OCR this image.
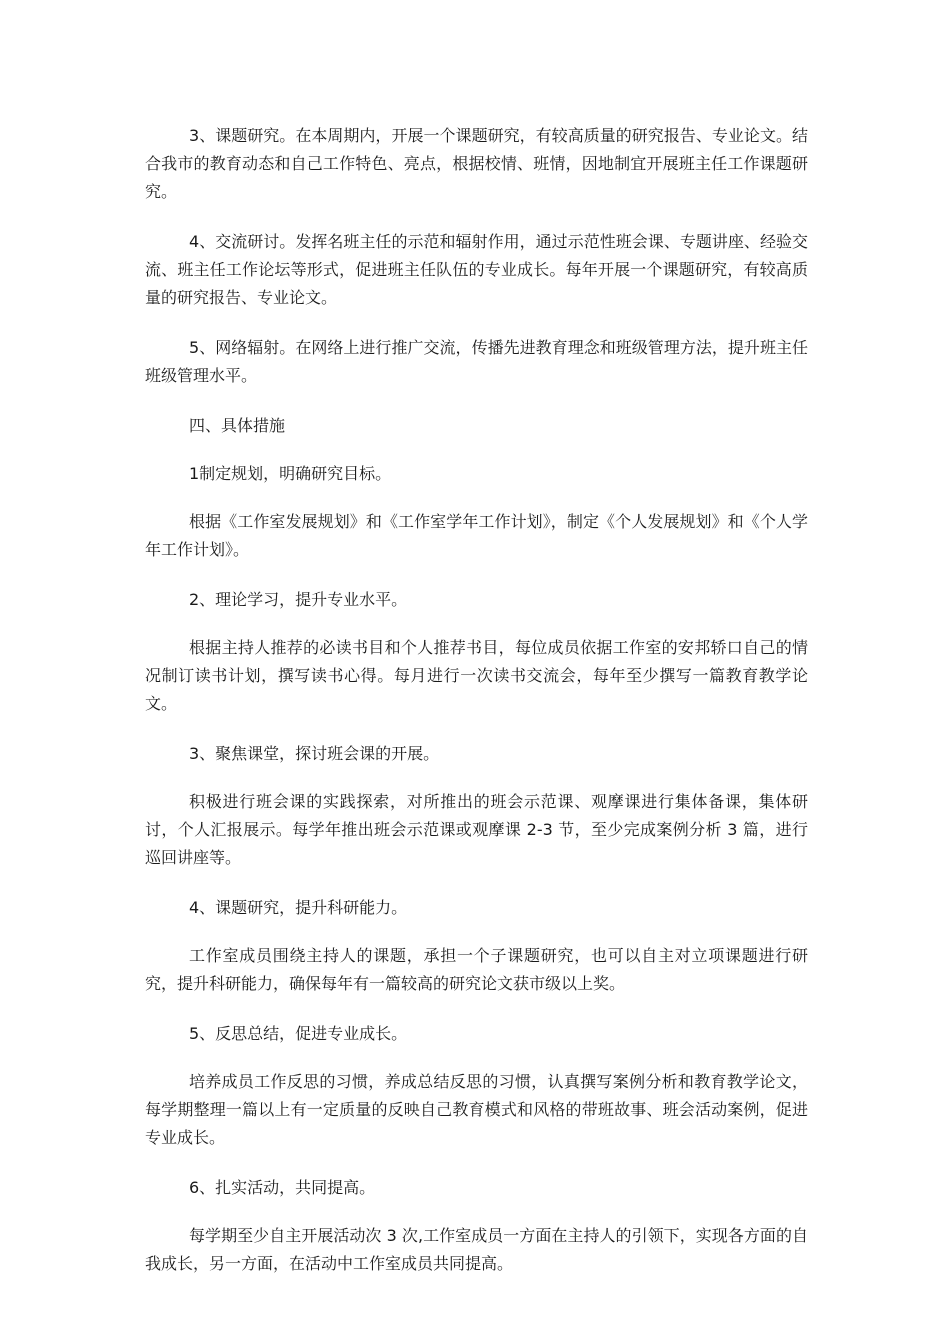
3、课题研究。在本周期内，开展一个课题研究，有较高质量的研究报告、专业论文。结合我市的教育动态和自己工作特色、亮点，根据校情、班情，因地制宜开展班主任工作课题研究。

4、交流研讨。发挥名班主任的示范和辐射作用，通过示范性班会课、专题讲座、经验交流、班主任工作论坛等形式，促进班主任队伍的专业成长。每年开展一个课题研究，有较高质量的研究报告、专业论文。

5、网络辐射。在网络上进行推广交流，传播先进教育理念和班级管理方法，提升班主任班级管理水平。

四、具体措施

1制定规划，明确研究目标。

根据《工作室发展规划》和《工作室学年工作计划》，制定《个人发展规划》和《个人学年工作计划》。

2、理论学习，提升专业水平。

根据主持人推荐的必读书目和个人推荐书目，每位成员依据工作室的安邦轿口自己的情况制订读书计划，撰写读书心得。每月进行一次读书交流会，每年至少撰写一篇教育教学论文。

3、聚焦课堂，探讨班会课的开展。

积极进行班会课的实践探索，对所推出的班会示范课、观摩课进行集体备课，集体研讨，个人汇报展示。每学年推出班会示范课或观摩课 2-3 节，至少完成案例分析 3 篇，进行巡回讲座等。

4、课题研究，提升科研能力。

工作室成员围绕主持人的课题，承担一个子课题研究，也可以自主对立项课题进行研究，提升科研能力，确保每年有一篇较高的研究论文获市级以上奖。

5、反思总结，促进专业成长。

培养成员工作反思的习惯，养成总结反思的习惯，认真撰写案例分析和教育教学论文，每学期整理一篇以上有一定质量的反映自己教育模式和风格的带班故事、班会活动案例，促进专业成长。

6、扎实活动，共同提高。

每学期至少自主开展活动次 3 次,工作室成员一方面在主持人的引领下，实现各方面的自我成长，另一方面，在活动中工作室成员共同提高。
